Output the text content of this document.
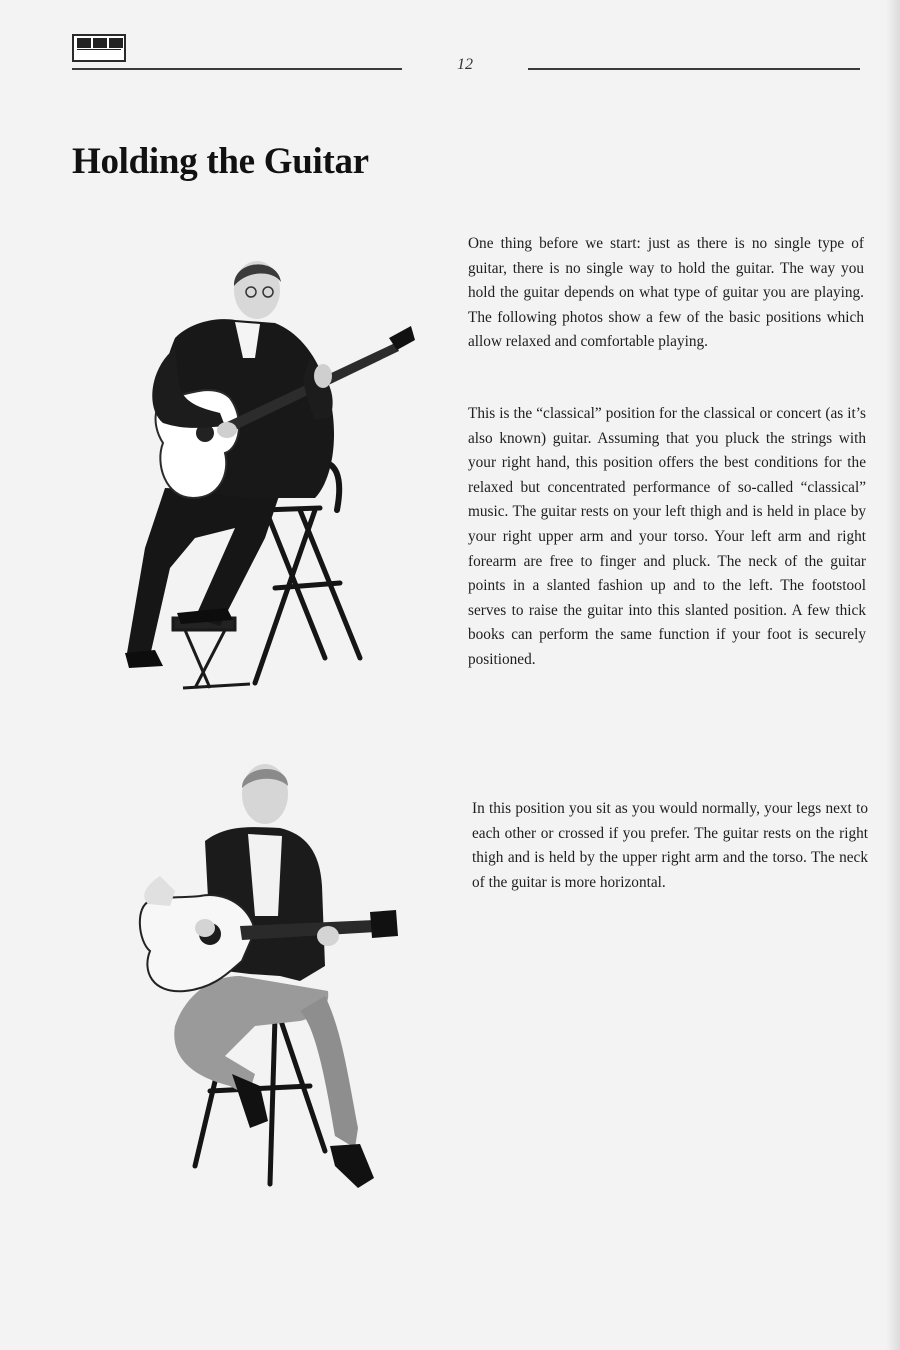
12
Holding the Guitar

One thing before we start: just as there is no single type of guitar, there is no single way to hold the guitar. The way you hold the guitar depends on what type of guitar you are playing. The following photos show a few of the basic positions which allow relaxed and comfortable playing.

This is the “classical” position for the classical or concert (as it’s also known) guitar. Assuming that you pluck the strings with your right hand, this position offers the best conditions for the relaxed but concentrated performance of so-called “classical” music. The guitar rests on your left thigh and is held in place by your right upper arm and your torso. Your left arm and right forearm are free to finger and pluck. The neck of the guitar points in a slanted fashion up and to the left. The footstool serves to raise the guitar into this slanted position. A few thick books can perform the same function if your foot is securely positioned.

In this position you sit as you would normally, your legs next to each other or crossed if you prefer. The guitar rests on the right thigh and is held by the upper right arm and the torso. The neck of the guitar is more horizontal.
